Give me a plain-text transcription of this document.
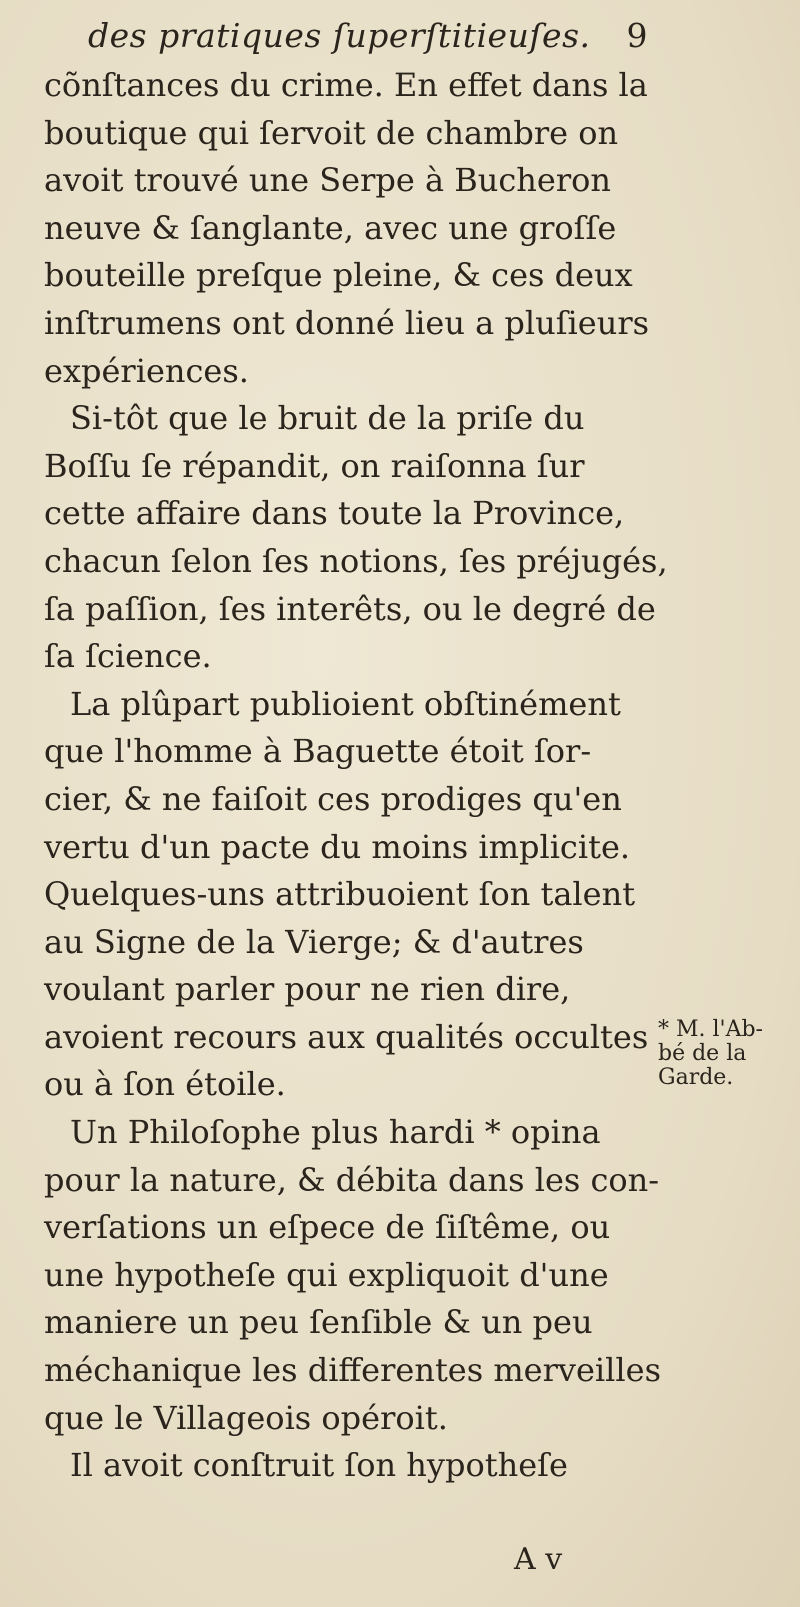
des pratiques ſuperſtitieuſes. 9
cõnſtances du crime. En effet dans la
boutique qui ſervoit de chambre on
avoit trouvé une Serpe à Bucheron
neuve & ſanglante, avec une groſſe
bouteille preſque pleine, & ces deux
inſtrumens ont donné lieu a pluſieurs
expériences.
Si-tôt que le bruit de la priſe du
Boſſu ſe répandit, on raiſonna ſur
cette affaire dans toute la Province,
chacun ſelon ſes notions, ſes préjugés,
ſa paſſion, ſes interêts, ou le degré de
ſa ſcience.
La plûpart publioient obſtinément
que l'homme à Baguette étoit ſor-
cier, & ne faiſoit ces prodiges qu'en
vertu d'un pacte du moins implicite.
Quelques-uns attribuoient ſon talent
au Signe de la Vierge; & d'autres
voulant parler pour ne rien dire,
avoient recours aux qualités occultes
ou à ſon étoile.
Un Philoſophe plus hardi * opina
pour la nature, & débita dans les con-
verſations un eſpece de ſiſtême, ou
une hypotheſe qui expliquoit d'une
maniere un peu ſenſible & un peu
méchanique les differentes merveilles
que le Villageois opéroit.
Il avoit conſtruit ſon hypotheſe
A v
* M. l'Ab-
bé de la
Garde.
